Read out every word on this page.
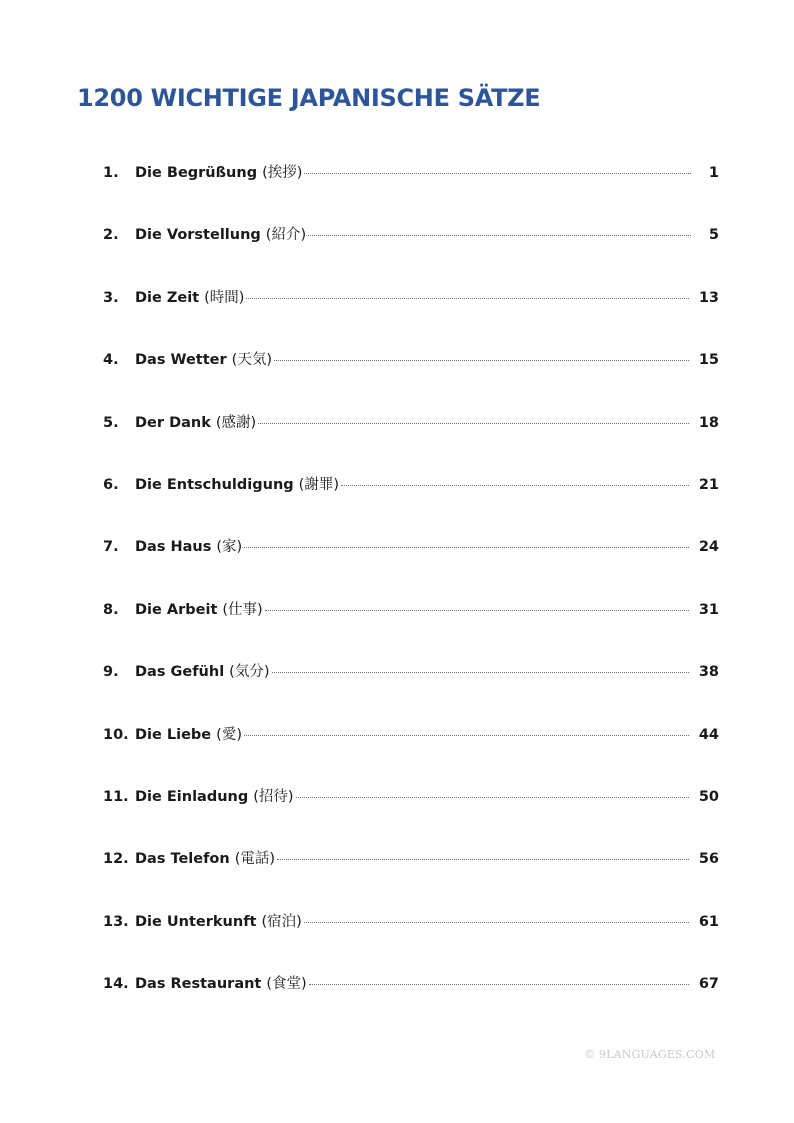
1200 WICHTIGE JAPANISCHE SÄTZE
1.	Die Begrüßung (挨拶)	1
2.	Die Vorstellung (紹介)	5
3.	Die Zeit (時間)	13
4.	Das Wetter (天気)	15
5.	Der Dank (感謝)	18
6.	Die Entschuldigung (謝罪)	21
7.	Das Haus (家)	24
8.	Die Arbeit (仕事)	31
9.	Das Gefühl (気分)	38
10. Die Liebe (愛)	44
11. Die Einladung (招待)	50
12. Das Telefon (電話)	56
13. Die Unterkunft (宿泊)	61
14. Das Restaurant (食堂)	67
© 9LANGUAGES.COM
